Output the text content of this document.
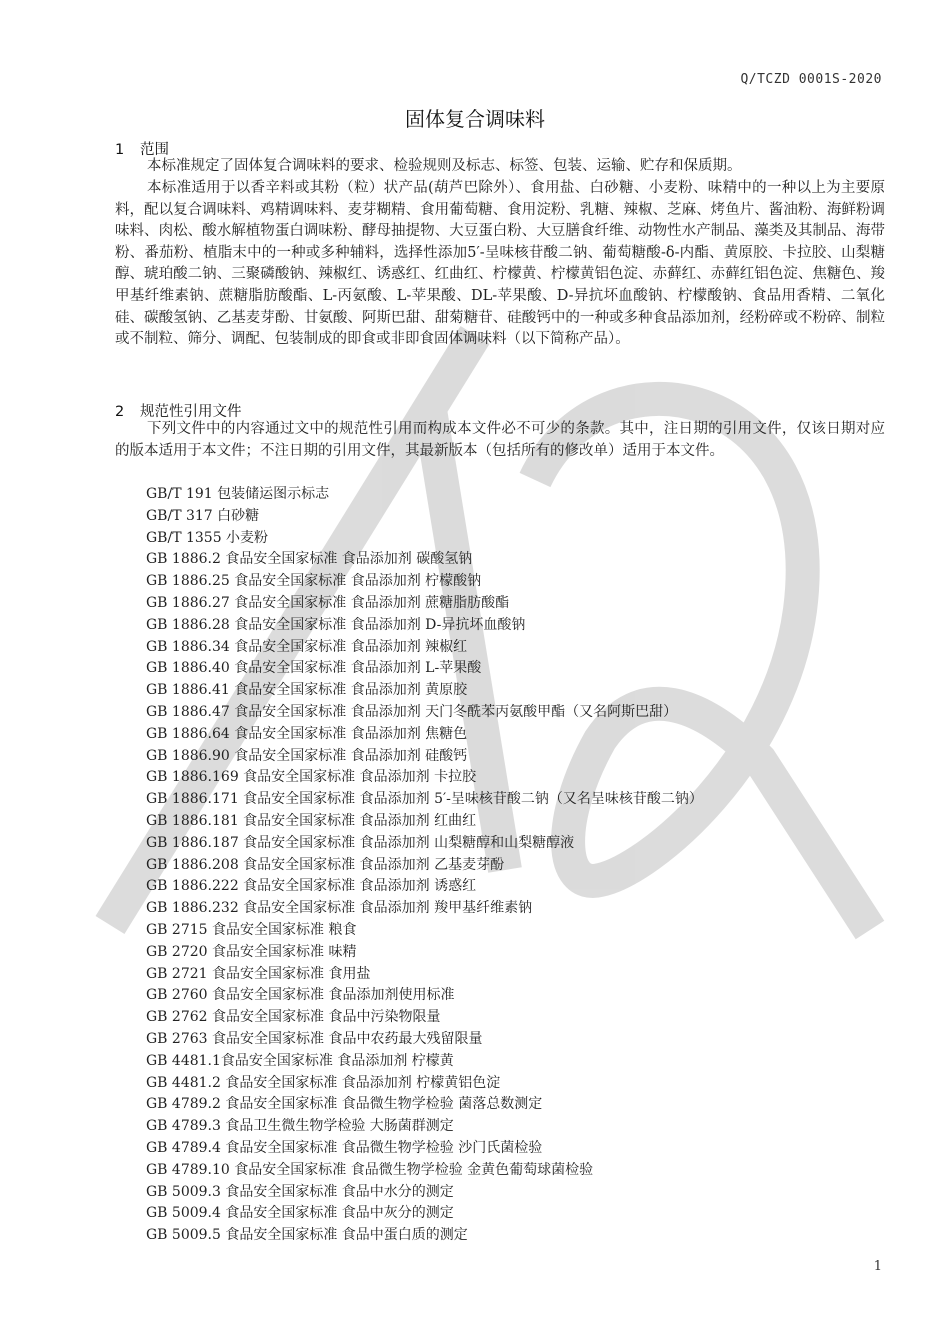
Q/TCZD 0001S-2020
固体复合调味料
1 范围
本标准规定了固体复合调味料的要求、检验规则及标志、标签、包装、运输、贮存和保质期。
本标准适用于以香辛料或其粉（粒）状产品(葫芦巴除外）、食用盐、白砂糖、小麦粉、味精中的一种以上为主要原料，配以复合调味料、鸡精调味料、麦芽糊精、食用葡萄糖、食用淀粉、乳糖、辣椒、芝麻、烤鱼片、酱油粉、海鲜粉调味料、肉松、酸水解植物蛋白调味粉、酵母抽提物、大豆蛋白粉、大豆膳食纤维、动物性水产制品、藻类及其制品、海带粉、番茄粉、植脂末中的一种或多种辅料，选择性添加5′-呈味核苷酸二钠、葡萄糖酸-δ-内酯、黄原胶、卡拉胶、山梨糖醇、琥珀酸二钠、三聚磷酸钠、辣椒红、诱惑红、红曲红、柠檬黄、柠檬黄铝色淀、赤藓红、赤藓红铝色淀、焦糖色、羧甲基纤维素钠、蔗糖脂肪酸酯、L-丙氨酸、L-苹果酸、DL-苹果酸、D-异抗坏血酸钠、柠檬酸钠、食品用香精、二氧化硅、碳酸氢钠、乙基麦芽酚、甘氨酸、阿斯巴甜、甜菊糖苷、硅酸钙中的一种或多种食品添加剂，经粉碎或不粉碎、制粒或不制粒、筛分、调配、包装制成的即食或非即食固体调味料（以下简称产品）。
2 规范性引用文件
下列文件中的内容通过文中的规范性引用而构成本文件必不可少的条款。其中，注日期的引用文件，仅该日期对应的版本适用于本文件；不注日期的引用文件，其最新版本（包括所有的修改单）适用于本文件。
GB/T 191 包装储运图示标志
GB/T 317 白砂糖
GB/T 1355 小麦粉
GB 1886.2 食品安全国家标准 食品添加剂 碳酸氢钠
GB 1886.25 食品安全国家标准 食品添加剂 柠檬酸钠
GB 1886.27 食品安全国家标准 食品添加剂 蔗糖脂肪酸酯
GB 1886.28 食品安全国家标准 食品添加剂 D-异抗坏血酸钠
GB 1886.34 食品安全国家标准 食品添加剂 辣椒红
GB 1886.40 食品安全国家标准 食品添加剂 L-苹果酸
GB 1886.41 食品安全国家标准 食品添加剂 黄原胶
GB 1886.47 食品安全国家标准 食品添加剂 天门冬酰苯丙氨酸甲酯（又名阿斯巴甜）
GB 1886.64 食品安全国家标准 食品添加剂 焦糖色
GB 1886.90 食品安全国家标准 食品添加剂 硅酸钙
GB 1886.169 食品安全国家标准 食品添加剂 卡拉胶
GB 1886.171 食品安全国家标准 食品添加剂 5′-呈味核苷酸二钠（又名呈味核苷酸二钠）
GB 1886.181 食品安全国家标准 食品添加剂 红曲红
GB 1886.187 食品安全国家标准 食品添加剂 山梨糖醇和山梨糖醇液
GB 1886.208 食品安全国家标准 食品添加剂 乙基麦芽酚
GB 1886.222 食品安全国家标准 食品添加剂 诱惑红
GB 1886.232 食品安全国家标准 食品添加剂 羧甲基纤维素钠
GB 2715 食品安全国家标准 粮食
GB 2720 食品安全国家标准 味精
GB 2721 食品安全国家标准 食用盐
GB 2760 食品安全国家标准 食品添加剂使用标准
GB 2762 食品安全国家标准 食品中污染物限量
GB 2763 食品安全国家标准 食品中农药最大残留限量
GB 4481.1食品安全国家标准 食品添加剂 柠檬黄
GB 4481.2 食品安全国家标准 食品添加剂 柠檬黄铝色淀
GB 4789.2 食品安全国家标准 食品微生物学检验 菌落总数测定
GB 4789.3 食品卫生微生物学检验 大肠菌群测定
GB 4789.4 食品安全国家标准 食品微生物学检验 沙门氏菌检验
GB 4789.10 食品安全国家标准 食品微生物学检验 金黄色葡萄球菌检验
GB 5009.3 食品安全国家标准 食品中水分的测定
GB 5009.4 食品安全国家标准 食品中灰分的测定
GB 5009.5 食品安全国家标准 食品中蛋白质的测定
1
